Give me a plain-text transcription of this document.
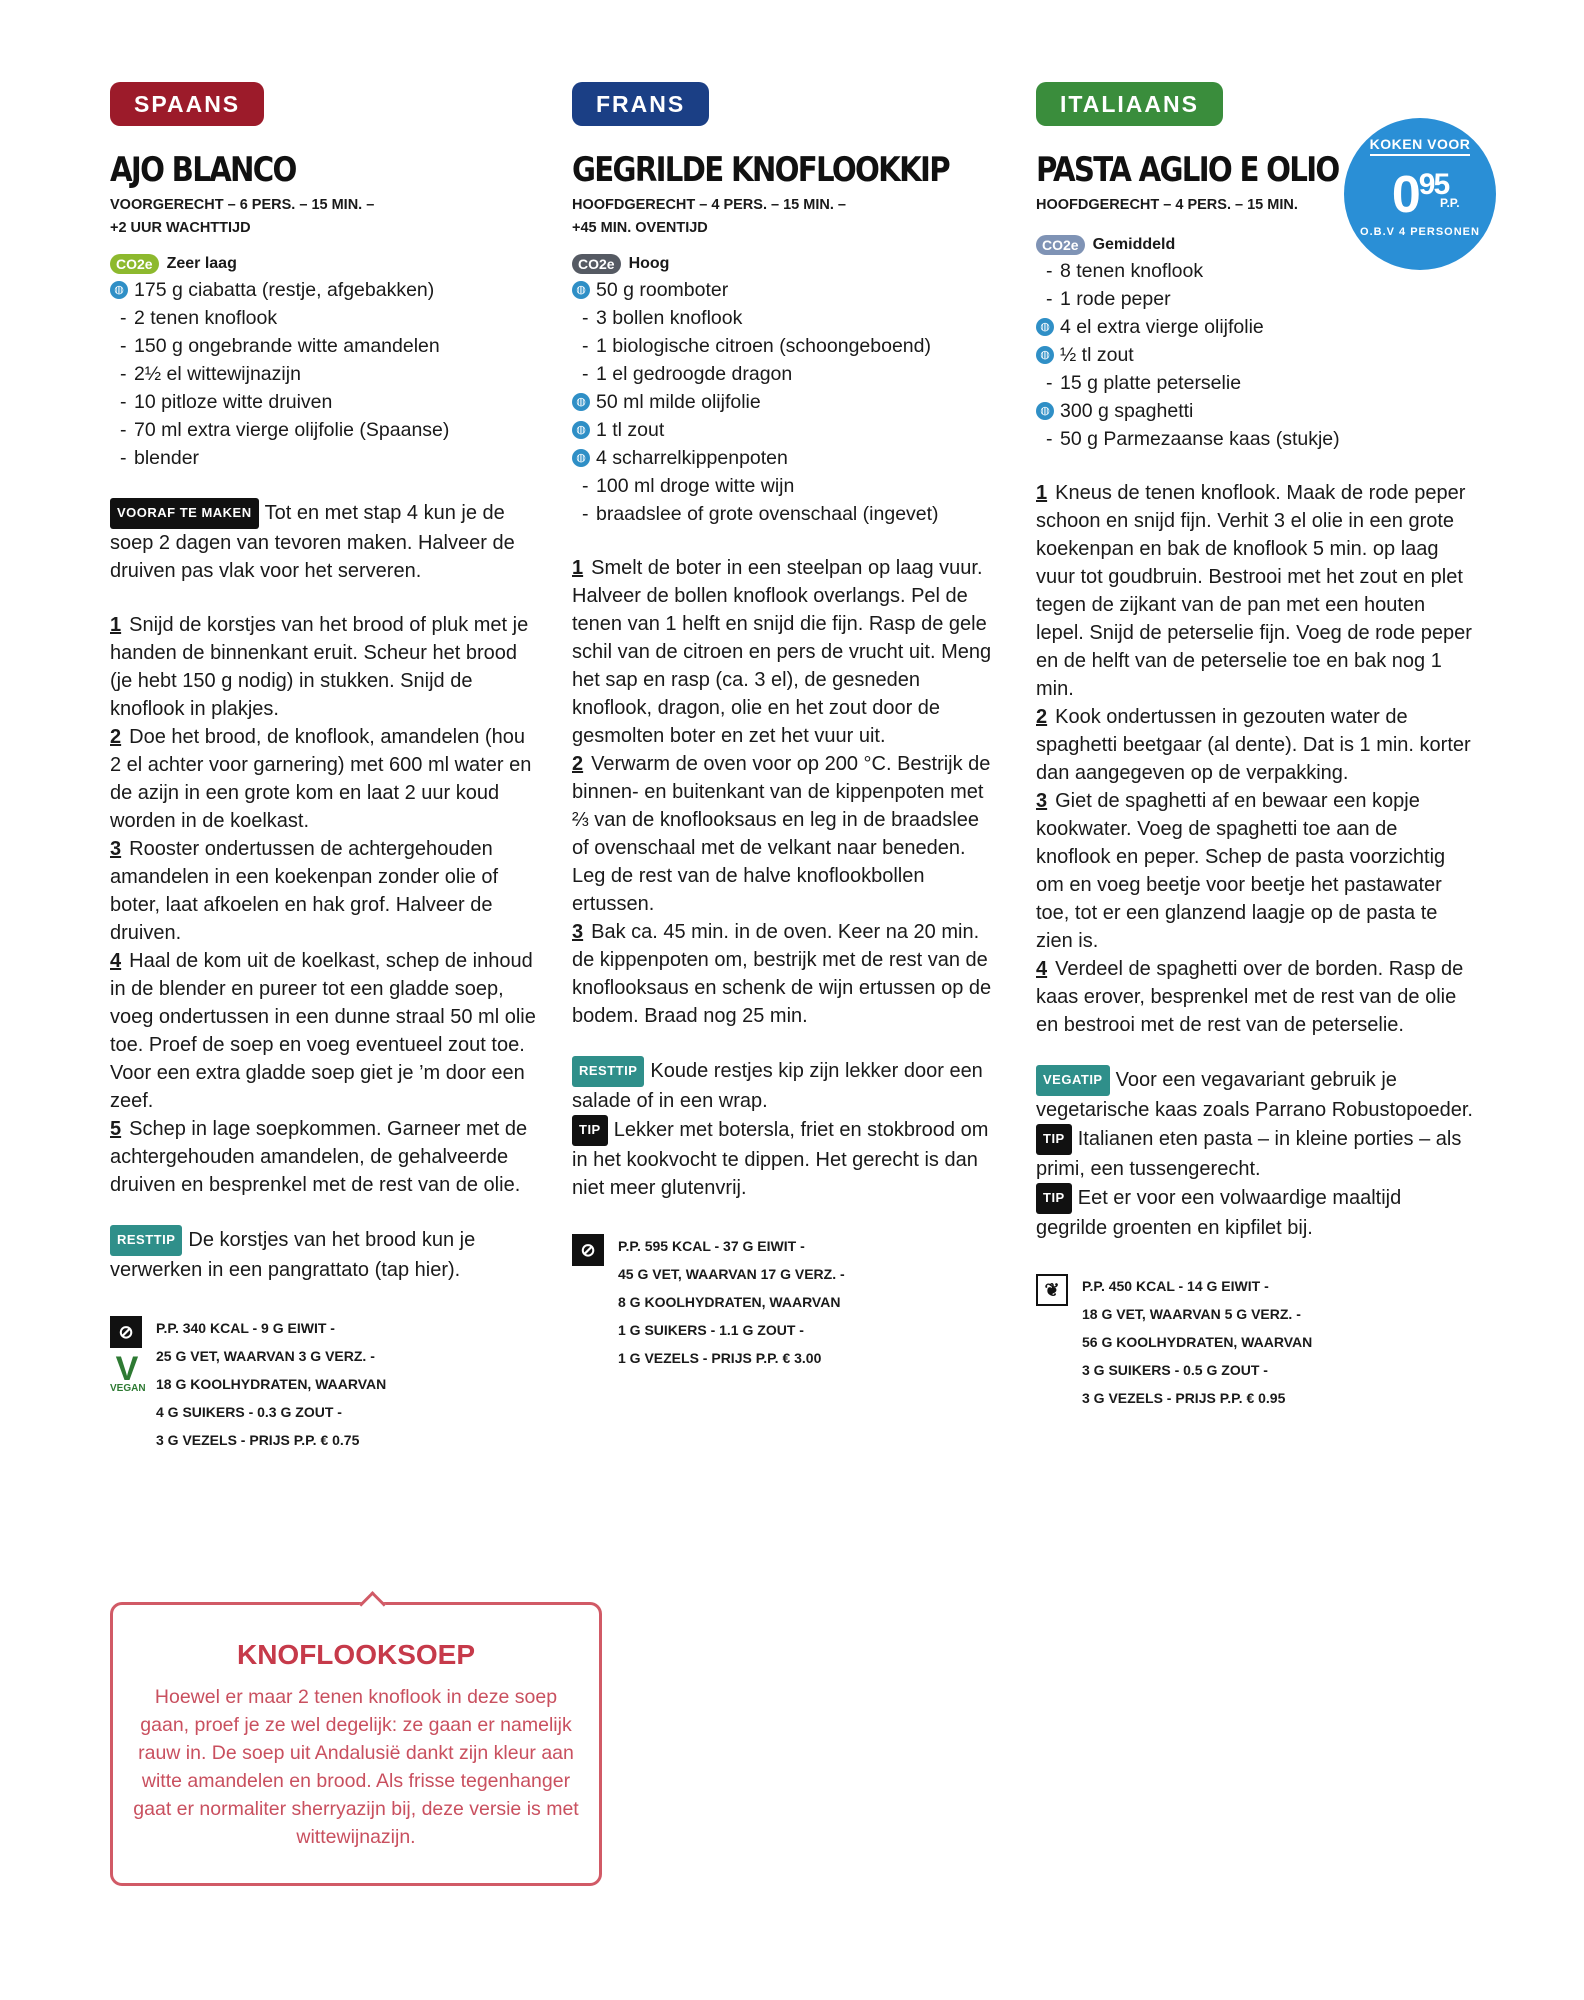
SPAANS
AJO BLANCO
VOORGERECHT – 6 PERS. – 15 MIN. –
+2 UUR WACHTTIJD
CO2e Zeer laag
◍ 175 g ciabatta (restje, afgebakken)
- 2 tenen knoflook
- 150 g ongebrande witte amandelen
- 2½ el wittewijnazijn
- 10 pitloze witte druiven
- 70 ml extra vierge olijfolie (Spaanse)
- blender
VOORAF TE MAKEN Tot en met stap 4 kun je de soep 2 dagen van tevoren maken. Halveer de druiven pas vlak voor het serveren.

1 Snijd de korstjes van het brood of pluk met je handen de binnenkant eruit. Scheur het brood (je hebt 150 g nodig) in stukken. Snijd de knoflook in plakjes.

2 Doe het brood, de knoflook, amandelen (hou 2 el achter voor garnering) met 600 ml water en de azijn in een grote kom en laat 2 uur koud worden in de koelkast.

3 Rooster ondertussen de achtergehouden amandelen in een koekenpan zonder olie of boter, laat afkoelen en hak grof. Halveer de druiven.

4 Haal de kom uit de koelkast, schep de inhoud in de blender en pureer tot een gladde soep, voeg ondertussen in een dunne straal 50 ml olie toe. Proef de soep en voeg eventueel zout toe. Voor een extra gladde soep giet je ’m door een zeef.

5 Schep in lage soepkommen. Garneer met de achtergehouden amandelen, de gehalveerde druiven en besprenkel met de rest van de olie.

RESTTIP De korstjes van het brood kun je verwerken in een pangrattato (tap hier).
⊘
V
VEGAN
P.P. 340 KCAL - 9 G EIWIT -
25 G VET, WAARVAN 3 G VERZ. -
18 G KOOLHYDRATEN, WAARVAN
4 G SUIKERS - 0.3 G ZOUT -
3 G VEZELS - PRIJS P.P. € 0.75
FRANS
GEGRILDE KNOFLOOKKIP
HOOFDGERECHT – 4 PERS. – 15 MIN. –
+45 MIN. OVENTIJD
CO2e Hoog
◍ 50 g roomboter
- 3 bollen knoflook
- 1 biologische citroen (schoongeboend)
- 1 el gedroogde dragon
◍ 50 ml milde olijfolie
◍ 1 tl zout
◍ 4 scharrelkippenpoten
- 100 ml droge witte wijn
- braadslee of grote ovenschaal (ingevet)

1 Smelt de boter in een steelpan op laag vuur. Halveer de bollen knoflook overlangs. Pel de tenen van 1 helft en snijd die fijn. Rasp de gele schil van de citroen en pers de vrucht uit. Meng het sap en rasp (ca. 3 el), de gesneden knoflook, dragon, olie en het zout door de gesmolten boter en zet het vuur uit.

2 Verwarm de oven voor op 200 °C. Bestrijk de binnen- en buitenkant van de kippenpoten met ⅔ van de knoflooksaus en leg in de braadslee of ovenschaal met de velkant naar beneden. Leg de rest van de halve knoflookbollen ertussen.

3 Bak ca. 45 min. in de oven. Keer na 20 min. de kippenpoten om, bestrijk met de rest van de knoflooksaus en schenk de wijn ertussen op de bodem. Braad nog 25 min.

RESTTIP Koude restjes kip zijn lekker door een salade of in een wrap.
TIP Lekker met botersla, friet en stokbrood om in het kookvocht te dippen. Het gerecht is dan niet meer glutenvrij.
⊘	P.P. 595 KCAL - 37 G EIWIT -
45 G VET, WAARVAN 17 G VERZ. -
8 G KOOLHYDRATEN, WAARVAN
1 G SUIKERS - 1.1 G ZOUT -
1 G VEZELS - PRIJS P.P. € 3.00
ITALIAANS
PASTA AGLIO E OLIO
HOOFDGERECHT – 4 PERS. – 15 MIN.
CO2e Gemiddeld
- 8 tenen knoflook
- 1 rode peper
◍ 4 el extra vierge olijfolie
◍ ½ tl zout
- 15 g platte peterselie
◍ 300 g spaghetti
- 50 g Parmezaanse kaas (stukje)

1 Kneus de tenen knoflook. Maak de rode peper schoon en snijd fijn. Verhit 3 el olie in een grote koekenpan en bak de knoflook 5 min. op laag vuur tot goudbruin. Bestrooi met het zout en plet tegen de zijkant van de pan met een houten lepel. Snijd de peterselie fijn. Voeg de rode peper en de helft van de peterselie toe en bak nog 1 min.

2 Kook ondertussen in gezouten water de spaghetti beetgaar (al dente). Dat is 1 min. korter dan aangegeven op de verpakking.

3 Giet de spaghetti af en bewaar een kopje kookwater. Voeg de spaghetti toe aan de knoflook en peper. Schep de pasta voorzichtig om en voeg beetje voor beetje het pastawater toe, tot er een glanzend laagje op de pasta te zien is.

4 Verdeel de spaghetti over de borden. Rasp de kaas erover, besprenkel met de rest van de olie en bestrooi met de rest van de peterselie.

VEGATIP Voor een vegavariant gebruik je vegetarische kaas zoals Parrano Robustopoeder.
TIP Italianen eten pasta – in kleine porties – als primi, een tussengerecht.
TIP Eet er voor een volwaardige maaltijd gegrilde groenten en kipfilet bij.
❦	P.P. 450 KCAL - 14 G EIWIT -
18 G VET, WAARVAN 5 G VERZ. -
56 G KOOLHYDRATEN, WAARVAN
3 G SUIKERS - 0.5 G ZOUT -
3 G VEZELS - PRIJS P.P. € 0.95
KOKEN VOOR
$0^{95}$
P.P.
O.B.V 4 PERSONEN
KNOFLOOKSOEP

Hoewel er maar 2 tenen knoflook in deze soep gaan, proef je ze wel degelijk: ze gaan er namelijk rauw in. De soep uit Andalusië dankt zijn kleur aan witte amandelen en brood. Als frisse tegenhanger gaat er normaliter sherryazijn bij, deze versie is met wittewijnazijn.
